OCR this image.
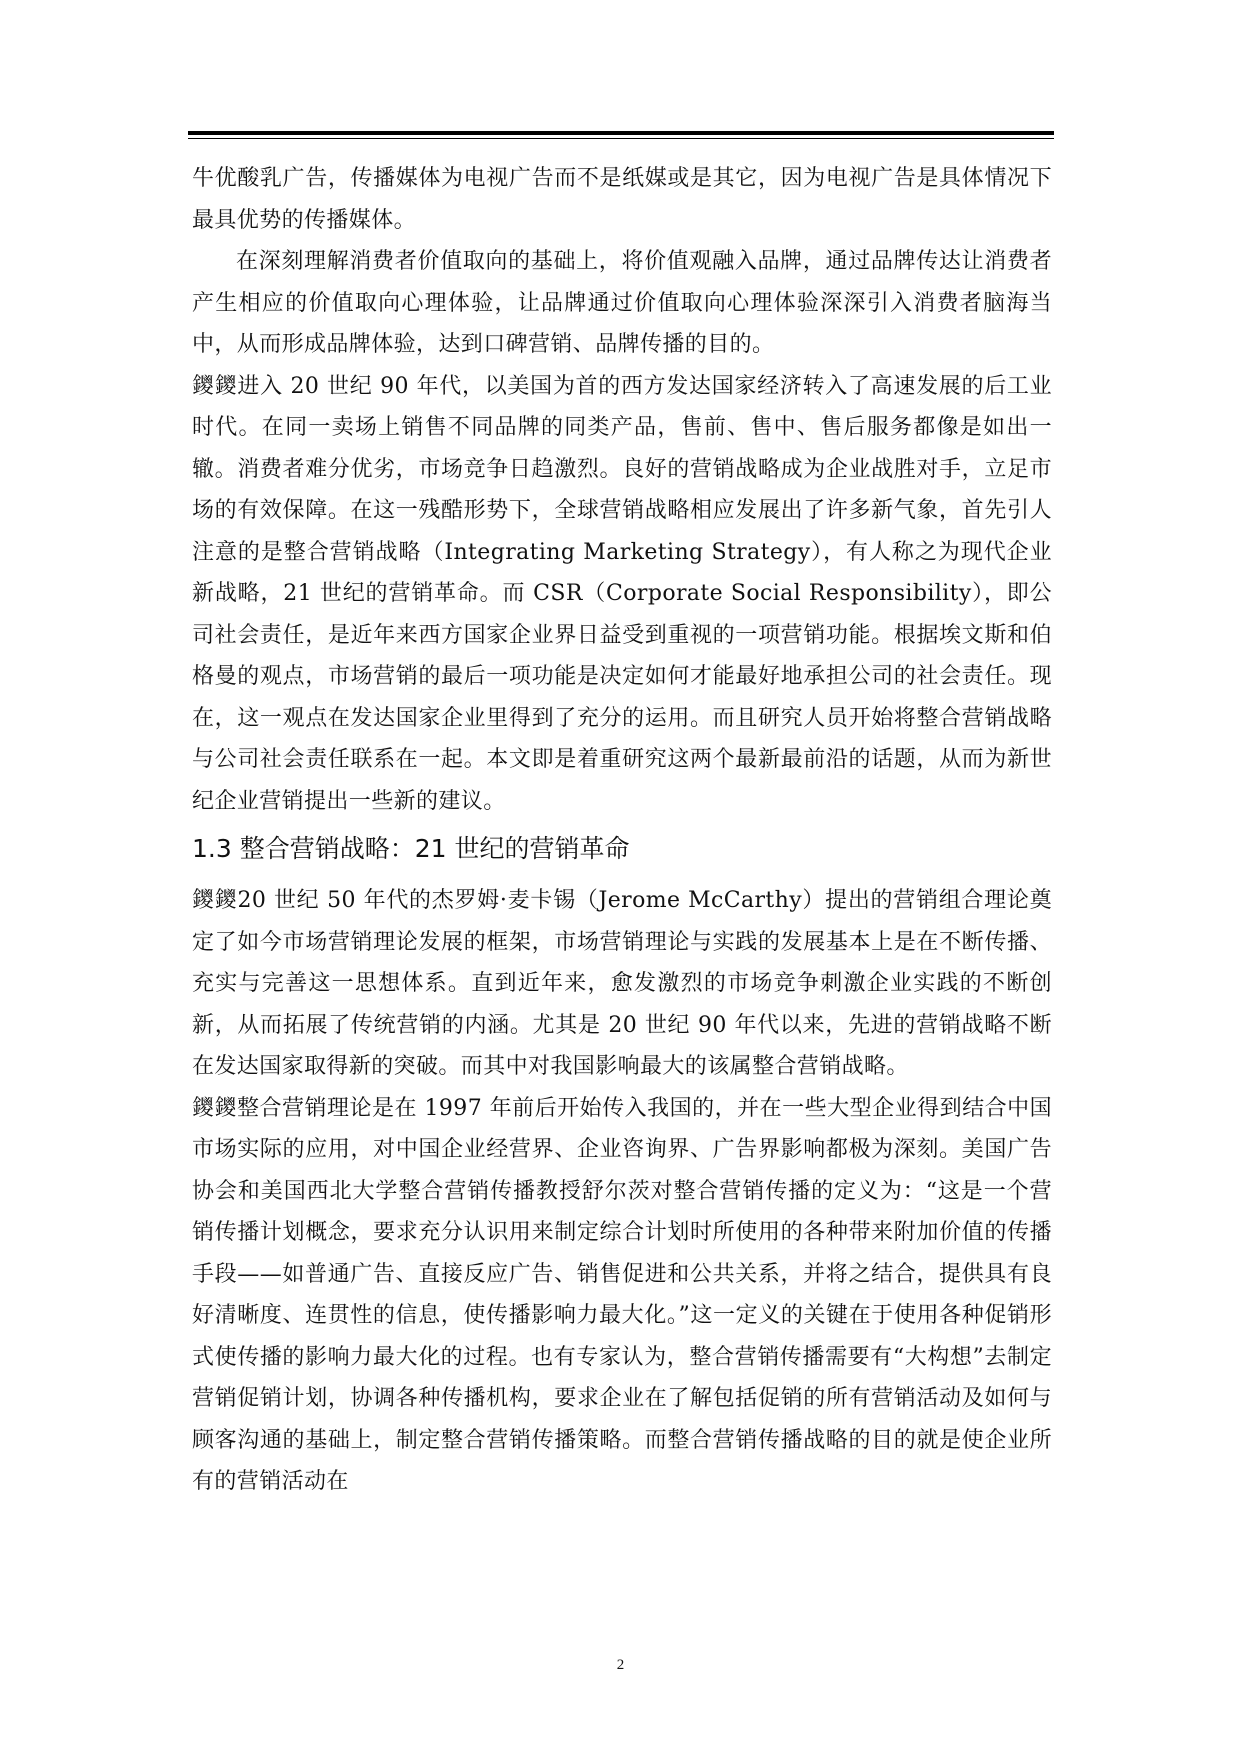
牛优酸乳广告，传播媒体为电视广告而不是纸媒或是其它，因为电视广告是具体情况下最具优势的传播媒体。

在深刻理解消费者价值取向的基础上，将价值观融入品牌，通过品牌传达让消费者产生相应的价值取向心理体验，让品牌通过价值取向心理体验深深引入消费者脑海当中，从而形成品牌体验，达到口碑营销、品牌传播的目的。

鑁鑁进入 20 世纪 90 年代，以美国为首的西方发达国家经济转入了高速发展的后工业时代。在同一卖场上销售不同品牌的同类产品，售前、售中、售后服务都像是如出一辙。消费者难分优劣，市场竞争日趋激烈。良好的营销战略成为企业战胜对手，立足市场的有效保障。在这一残酷形势下，全球营销战略相应发展出了许多新气象，首先引人注意的是整合营销战略（Integrating Marketing Strategy），有人称之为现代企业新战略，21 世纪的营销革命。而 CSR（Corporate Social Responsibility），即公司社会责任，是近年来西方国家企业界日益受到重视的一项营销功能。根据埃文斯和伯格曼的观点，市场营销的最后一项功能是决定如何才能最好地承担公司的社会责任。现在，这一观点在发达国家企业里得到了充分的运用。而且研究人员开始将整合营销战略与公司社会责任联系在一起。本文即是着重研究这两个最新最前沿的话题，从而为新世纪企业营销提出一些新的建议。

1.3 整合营销战略：21 世纪的营销革命

鑁鑁20 世纪 50 年代的杰罗姆·麦卡锡（Jerome McCarthy）提出的营销组合理论奠定了如今市场营销理论发展的框架，市场营销理论与实践的发展基本上是在不断传播、充实与完善这一思想体系。直到近年来，愈发激烈的市场竞争刺激企业实践的不断创新，从而拓展了传统营销的内涵。尤其是 20 世纪 90 年代以来，先进的营销战略不断在发达国家取得新的突破。而其中对我国影响最大的该属整合营销战略。

鑁鑁整合营销理论是在 1997 年前后开始传入我国的，并在一些大型企业得到结合中国市场实际的应用，对中国企业经营界、企业咨询界、广告界影响都极为深刻。美国广告协会和美国西北大学整合营销传播教授舒尔茨对整合营销传播的定义为：“这是一个营销传播计划概念，要求充分认识用来制定综合计划时所使用的各种带来附加价值的传播手段——如普通广告、直接反应广告、销售促进和公共关系，并将之结合，提供具有良好清晰度、连贯性的信息，使传播影响力最大化。”这一定义的关键在于使用各种促销形式使传播的影响力最大化的过程。也有专家认为，整合营销传播需要有“大构想”去制定营销促销计划，协调各种传播机构，要求企业在了解包括促销的所有营销活动及如何与顾客沟通的基础上，制定整合营销传播策略。而整合营销传播战略的目的就是使企业所有的营销活动在

2
